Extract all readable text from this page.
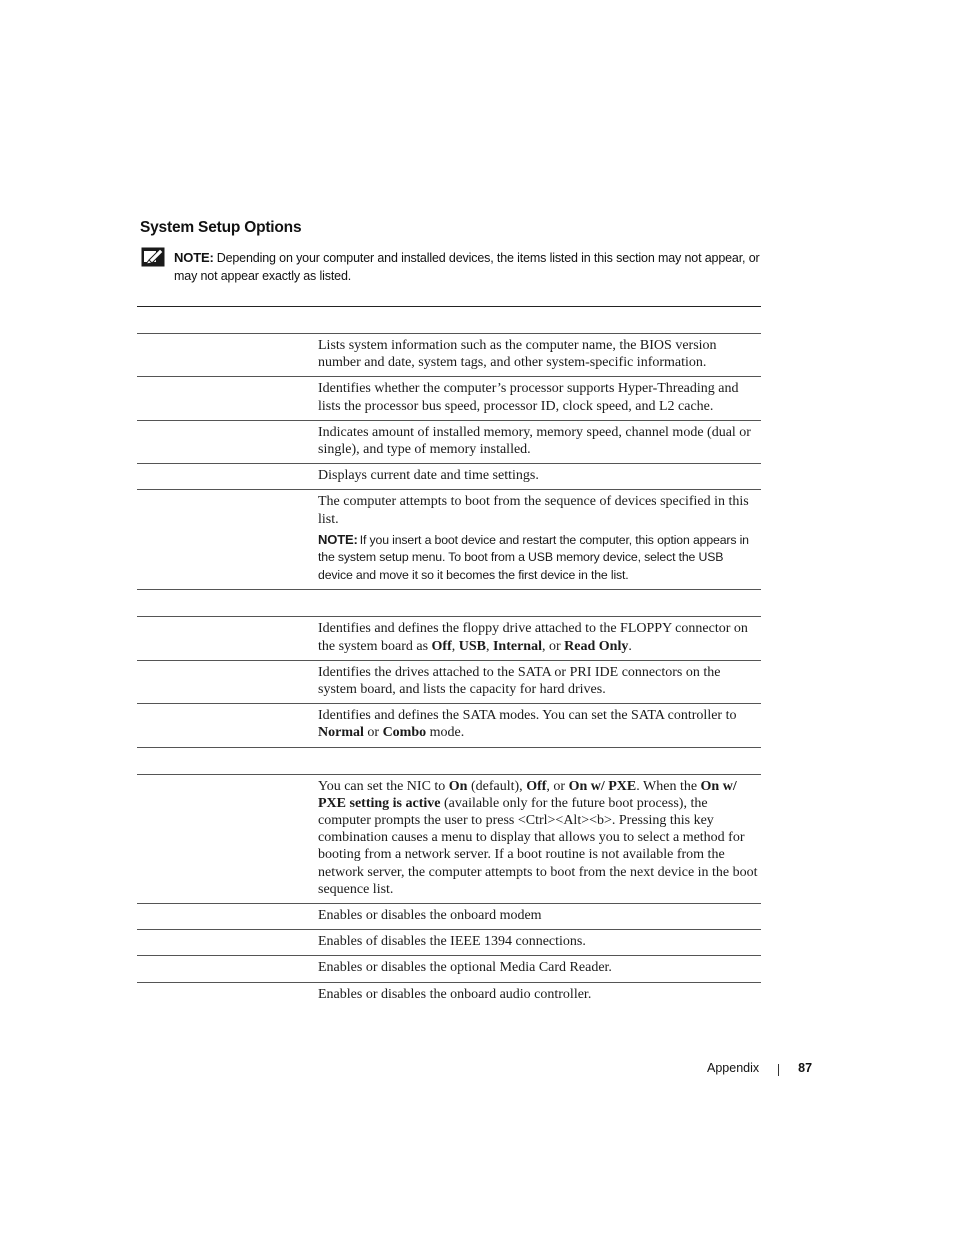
System Setup Options
NOTE: Depending on your computer and installed devices, the items listed in this section may not appear, or may not appear exactly as listed.
Lists system information such as the computer name, the BIOS version number and date, system tags, and other system-specific information.
Identifies whether the computer’s processor supports Hyper-Threading and lists the processor bus speed, processor ID, clock speed, and L2 cache.
Indicates amount of installed memory, memory speed, channel mode (dual or single), and type of memory installed.
Displays current date and time settings.
The computer attempts to boot from the sequence of devices specified in this list.
NOTE: If you insert a boot device and restart the computer, this option appears in the system setup menu. To boot from a USB memory device, select the USB device and move it so it becomes the first device in the list.
Identifies and defines the floppy drive attached to the FLOPPY connector on the system board as Off, USB, Internal, or Read Only.
Identifies the drives attached to the SATA or PRI IDE connectors on the system board, and lists the capacity for hard drives.
Identifies and defines the SATA modes. You can set the SATA controller to Normal or Combo mode.
You can set the NIC to On (default), Off, or On w/ PXE. When the On w/ PXE setting is active (available only for the future boot process), the computer prompts the user to press <Ctrl><Alt><b>. Pressing this key combination causes a menu to display that allows you to select a method for booting from a network server. If a boot routine is not available from the network server, the computer attempts to boot from the next device in the boot sequence list.
Enables or disables the onboard modem
Enables of disables the IEEE 1394 connections.
Enables or disables the optional Media Card Reader.
Enables or disables the onboard audio controller.
Appendix	87
